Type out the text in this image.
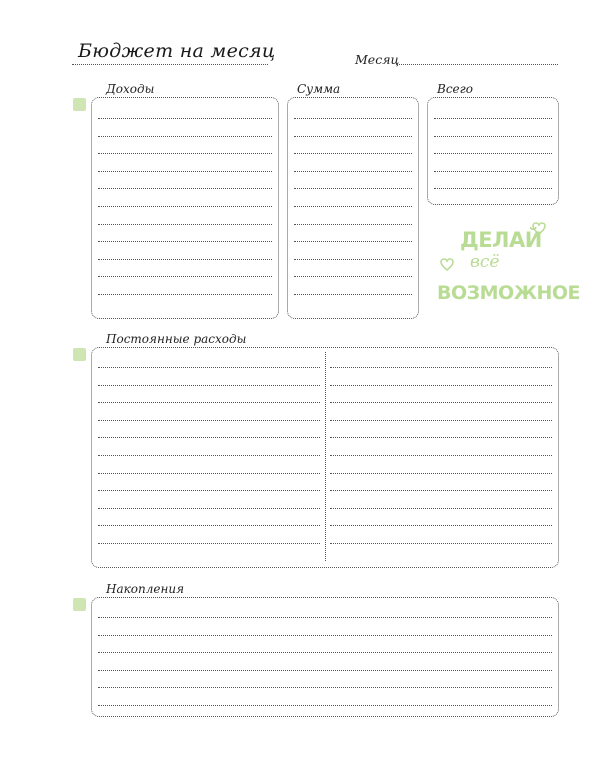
Бюджет на месяц	Месяц
Доходы	Сумма	Всего
ДЕЛАЙ
всё
ВОЗМОЖНОЕ
Постоянные расходы
Накопления
